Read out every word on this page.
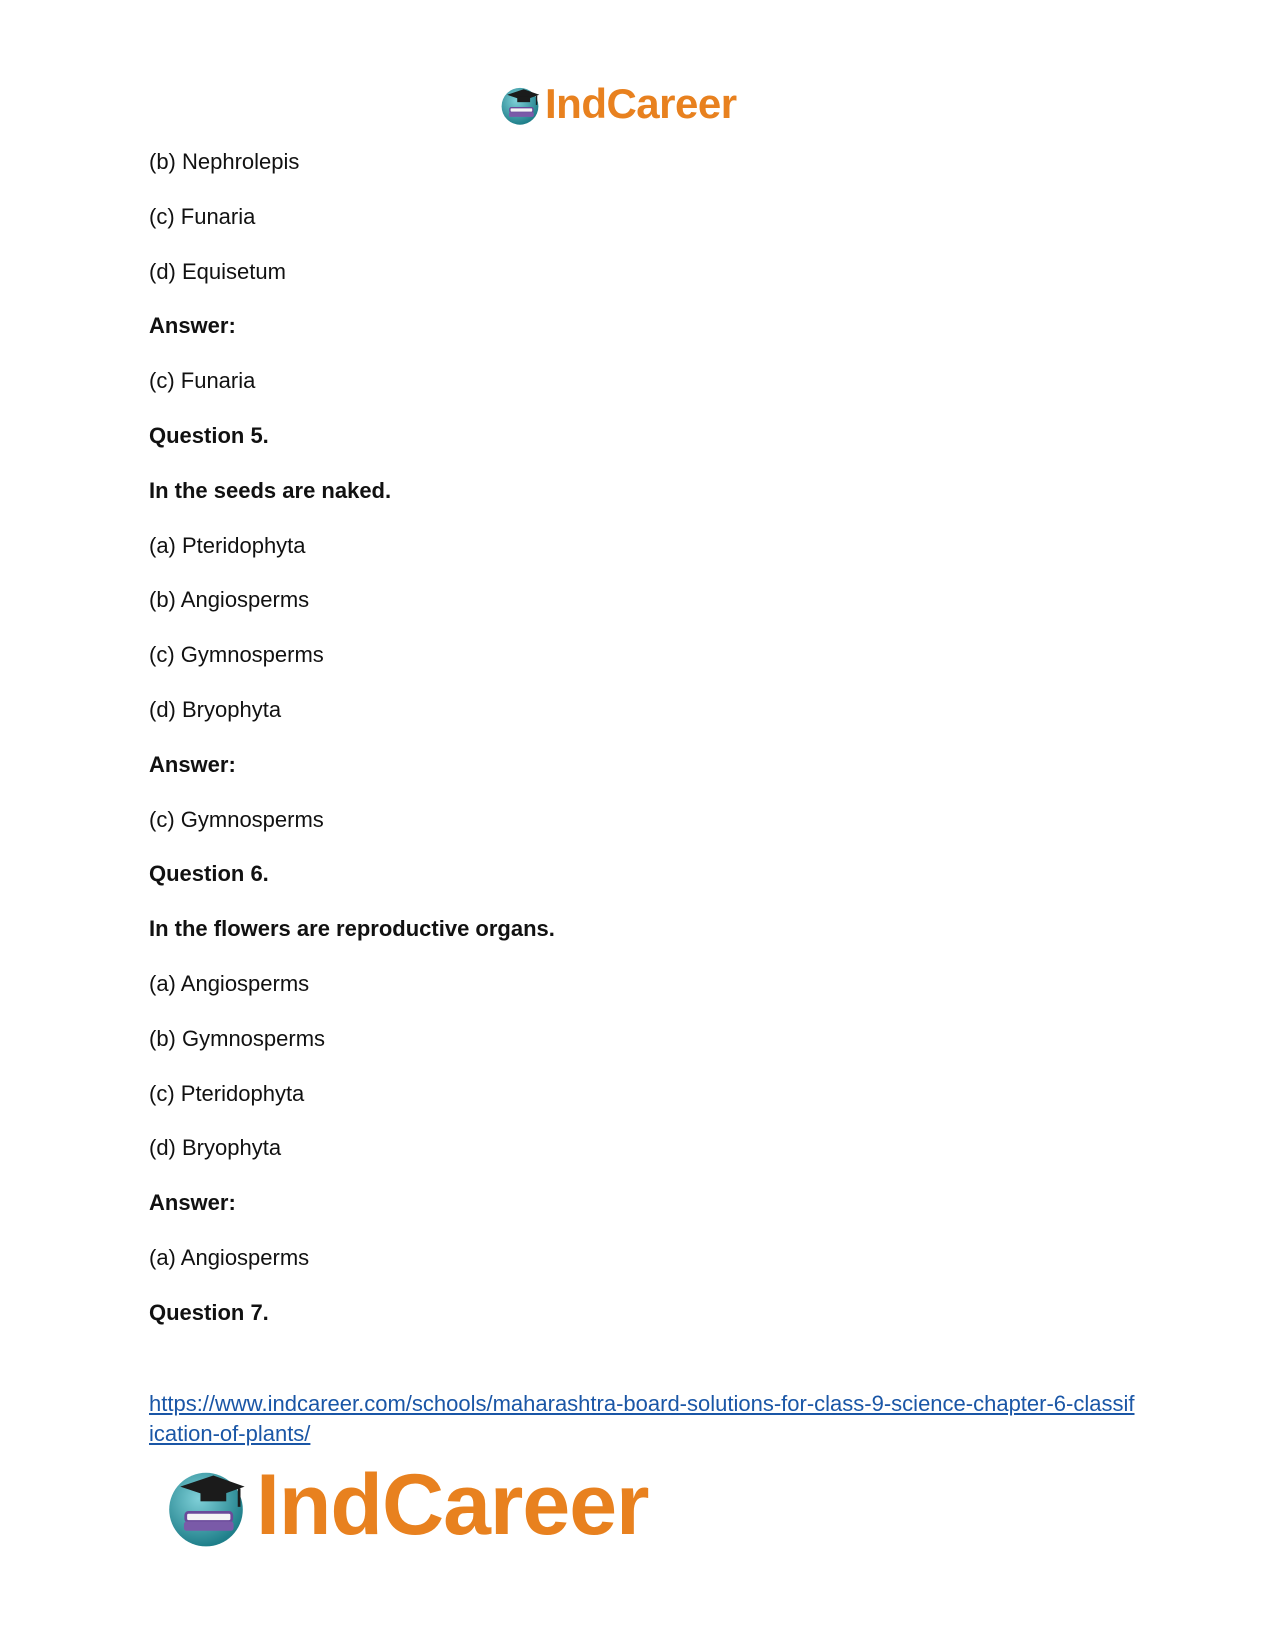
IndCareer
(b) Nephrolepis
(c) Funaria
(d) Equisetum
Answer:
(c) Funaria
Question 5.
In the seeds are naked.
(a) Pteridophyta
(b) Angiosperms
(c) Gymnosperms
(d) Bryophyta
Answer:
(c) Gymnosperms
Question 6.
In the flowers are reproductive organs.
(a) Angiosperms
(b) Gymnosperms
(c) Pteridophyta
(d) Bryophyta
Answer:
(a) Angiosperms
Question 7.
https://www.indcareer.com/schools/maharashtra-board-solutions-for-class-9-science-chapter-6-classification-of-plants/
IndCareer
